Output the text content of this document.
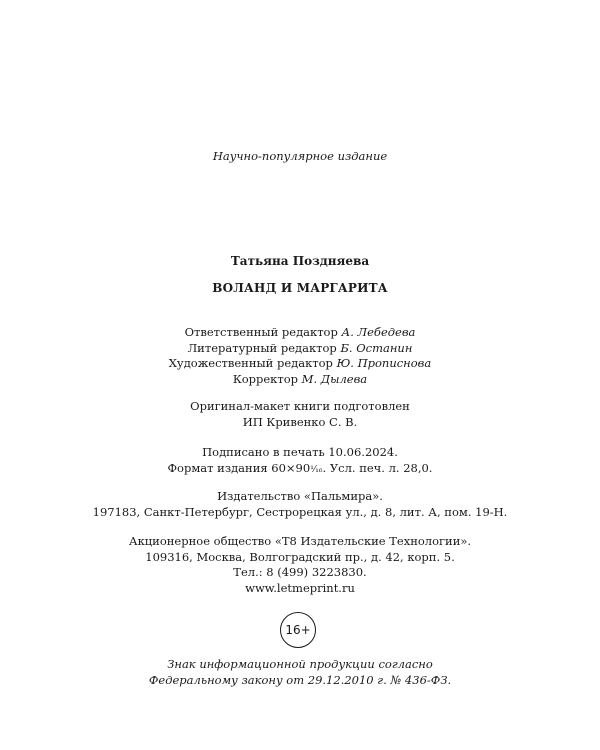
Научно-популярное издание
Татьяна Поздняева
ВОЛАНД И МАРГАРИТА
Ответственный редактор А. Лебедева
Литературный редактор Б. Останин
Художественный редактор Ю. Прописнова
Корректор М. Дылева
Оригинал-макет книги подготовлен
ИП Кривенко С. В.
Подписано в печать 10.06.2024.
Формат издания 60×90¹⁄₁₆. Усл. печ. л. 28,0.
Издательство «Пальмира».
197183, Санкт-Петербург, Сестрорецкая ул., д. 8, лит. А, пом. 19-Н.
Акционерное общество «Т8 Издательские Технологии».
109316, Москва, Волгоградский пр., д. 42, корп. 5.
Тел.: 8 (499) 3223830.
www.letmeprint.ru
16+
Знак информационной продукции согласно
Федеральному закону от 29.12.2010 г. № 436-ФЗ.
